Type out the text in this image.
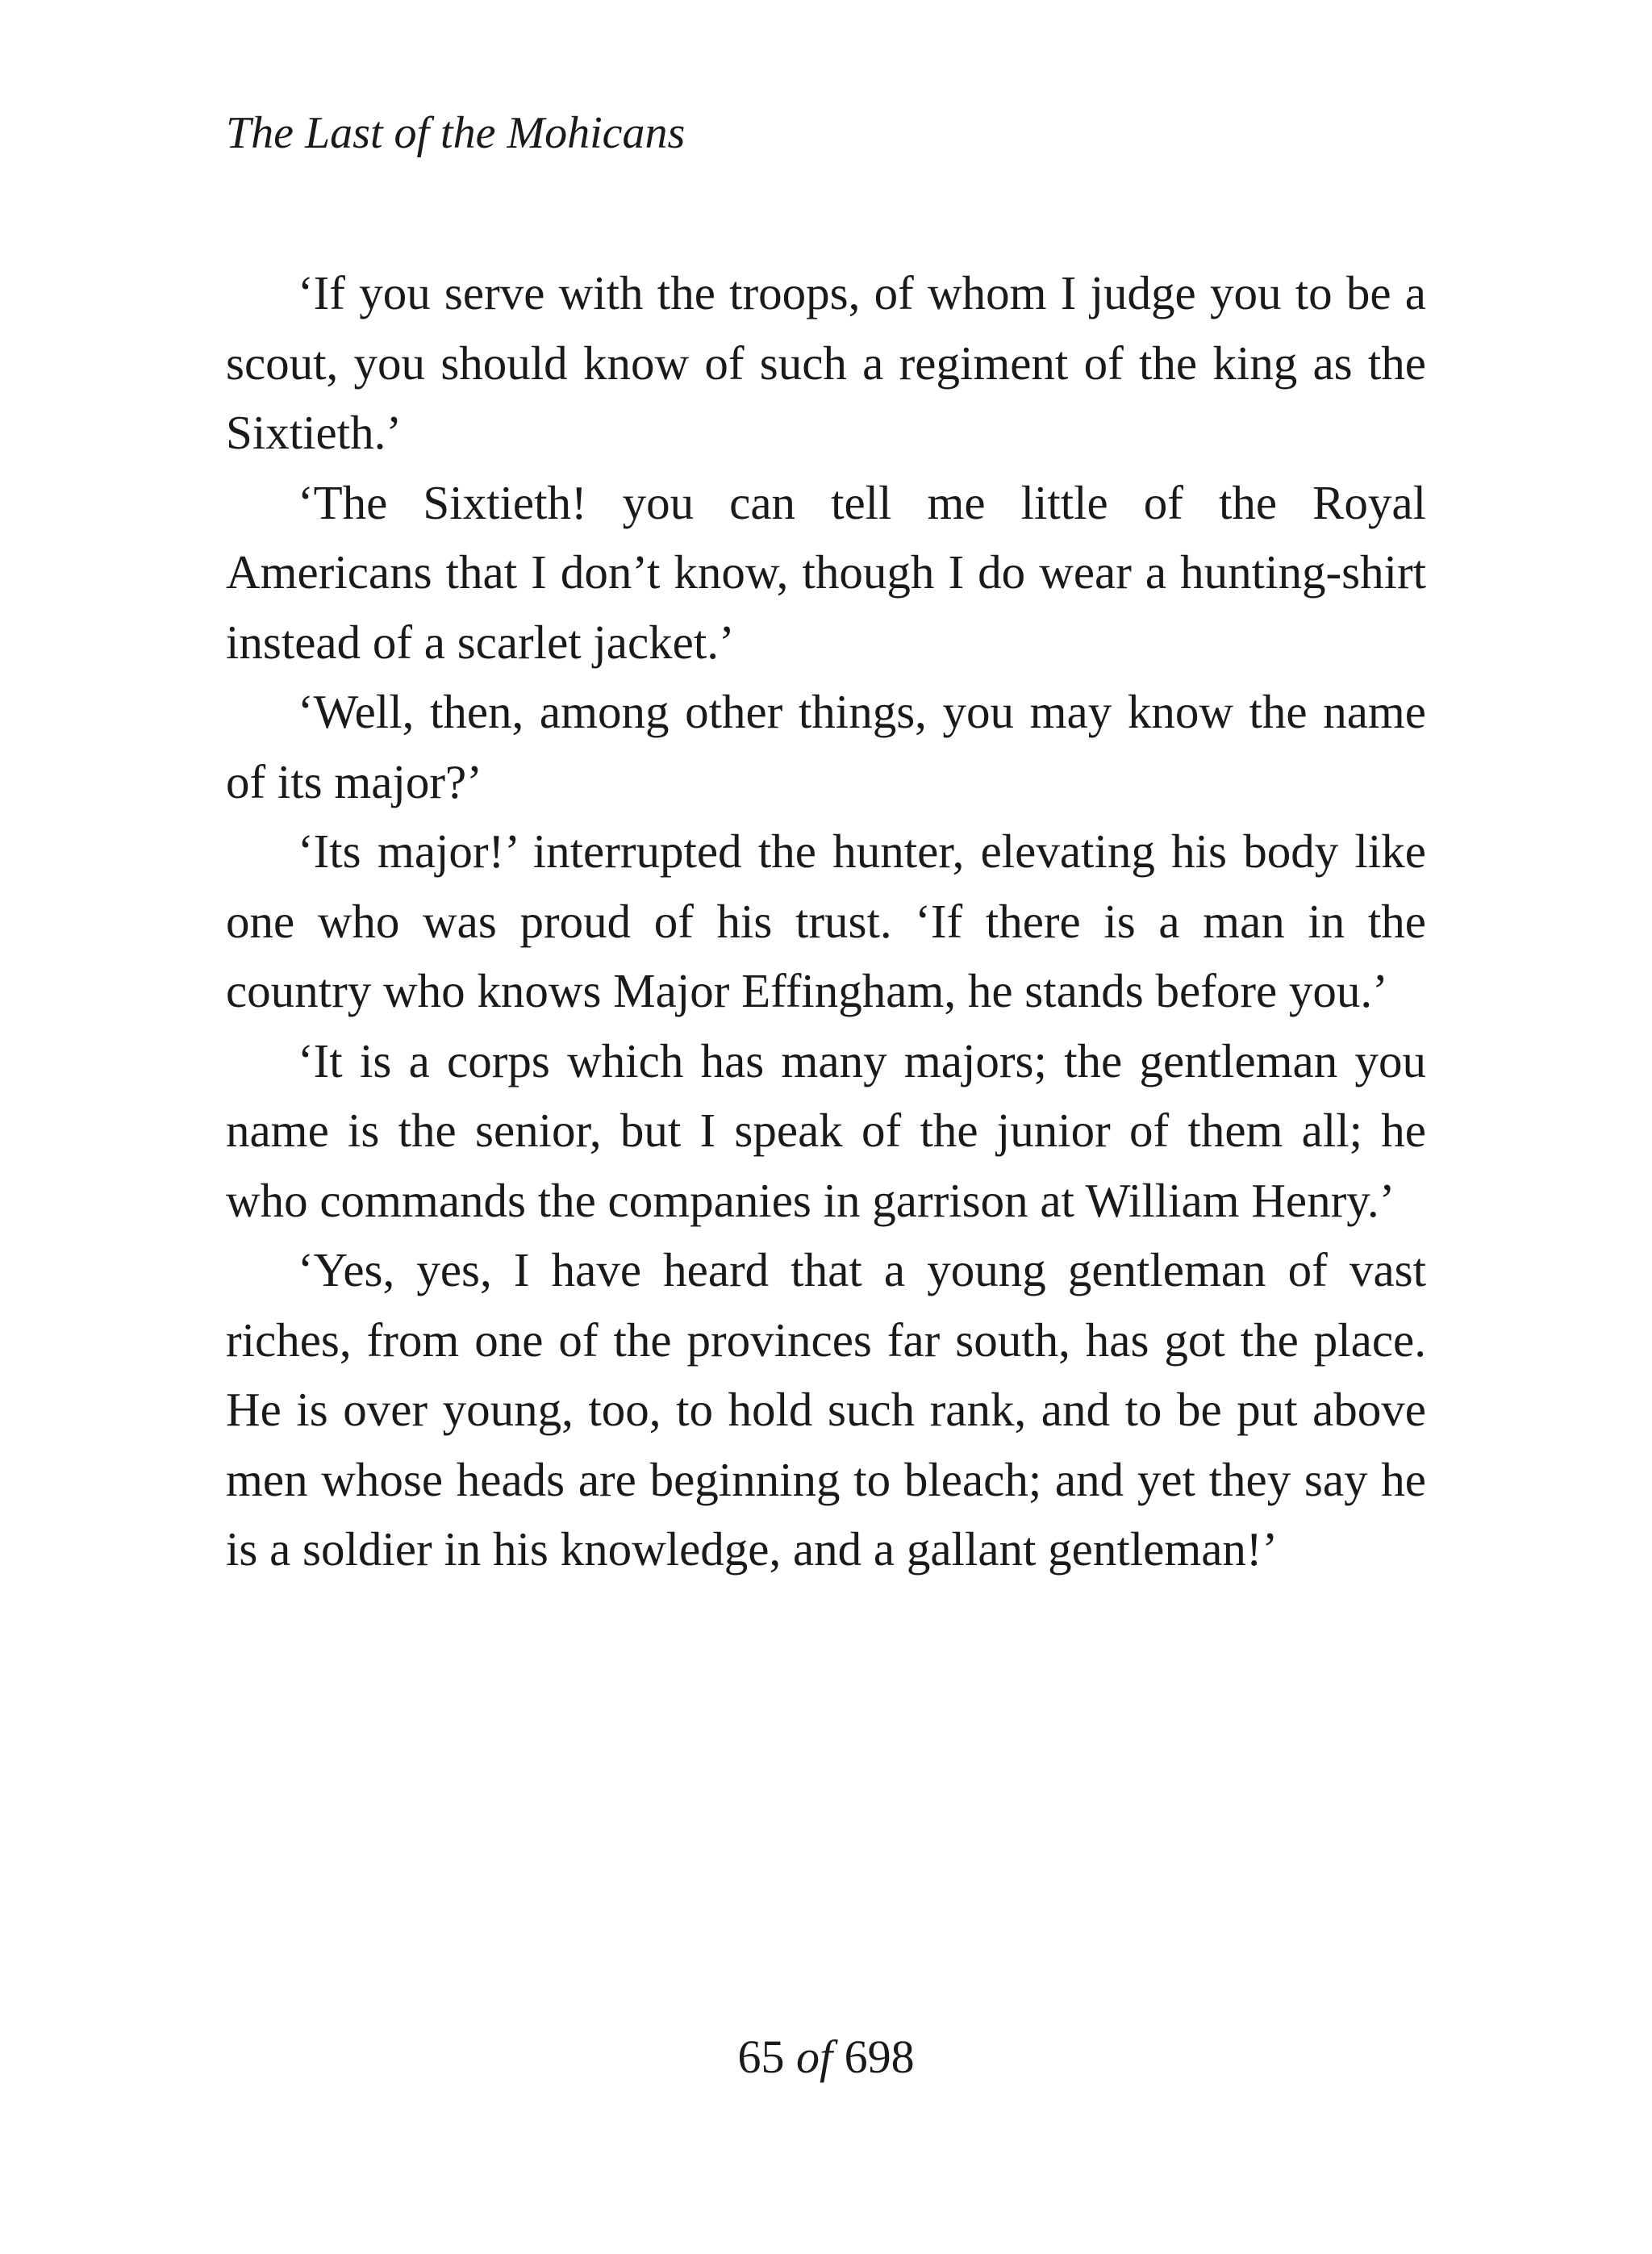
The Last of the Mohicans

‘If you serve with the troops, of whom I judge you to be a scout, you should know of such a regiment of the king as the Sixtieth.’

‘The Sixtieth! you can tell me little of the Royal Americans that I don’t know, though I do wear a hunting-shirt instead of a scarlet jacket.’

‘Well, then, among other things, you may know the name of its major?’

‘Its major!’ interrupted the hunter, elevating his body like one who was proud of his trust. ‘If there is a man in the country who knows Major Effingham, he stands before you.’

‘It is a corps which has many majors; the gentleman you name is the senior, but I speak of the junior of them all; he who commands the companies in garrison at William Henry.’

‘Yes, yes, I have heard that a young gentleman of vast riches, from one of the provinces far south, has got the place. He is over young, too, to hold such rank, and to be put above men whose heads are beginning to bleach; and yet they say he is a soldier in his knowledge, and a gallant gentleman!’

65 of 698
